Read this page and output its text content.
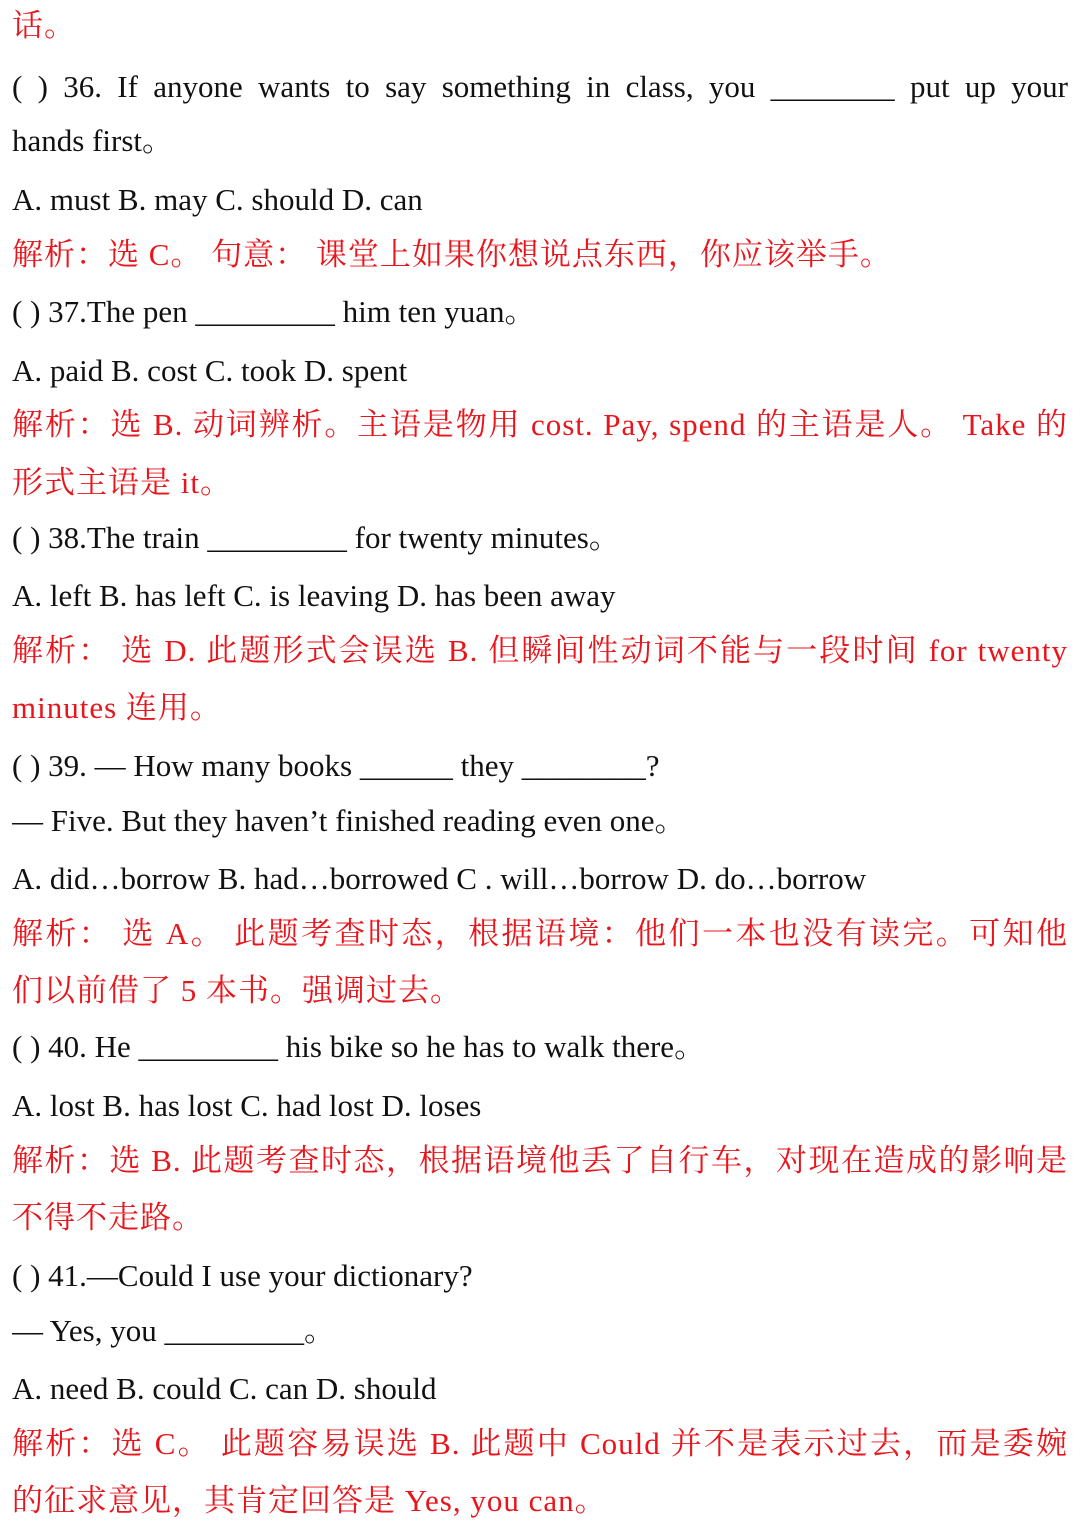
话。
( ) 36. If anyone wants to say something in class, you ________ put up your
hands first。
A. must B. may C. should D. can
解析：选 C。 句意： 课堂上如果你想说点东西，你应该举手。
( ) 37.The pen _________ him ten yuan。
A. paid B. cost C. took D. spent
解析：选 B. 动词辨析。主语是物用 cost. Pay, spend 的主语是人。 Take 的
形式主语是 it。
( ) 38.The train _________ for twenty minutes。
A. left B. has left C. is leaving D. has been away
解析： 选 D. 此题形式会误选 B. 但瞬间性动词不能与一段时间 for twenty
minutes 连用。
( ) 39. — How many books ______ they ________?
— Five. But they haven’t finished reading even one。
A. did…borrow B. had…borrowed C . will…borrow D. do…borrow
解析： 选 A。 此题考查时态，根据语境：他们一本也没有读完。可知他
们以前借了 5 本书。强调过去。
( ) 40. He _________ his bike so he has to walk there。
A. lost B. has lost C. had lost D. loses
解析：选 B. 此题考查时态，根据语境他丢了自行车，对现在造成的影响是
不得不走路。
( ) 41.—Could I use your dictionary?
— Yes, you _________。
A. need B. could C. can D. should
解析：选 C。 此题容易误选 B. 此题中 Could 并不是表示过去，而是委婉
的征求意见，其肯定回答是 Yes, you can。
